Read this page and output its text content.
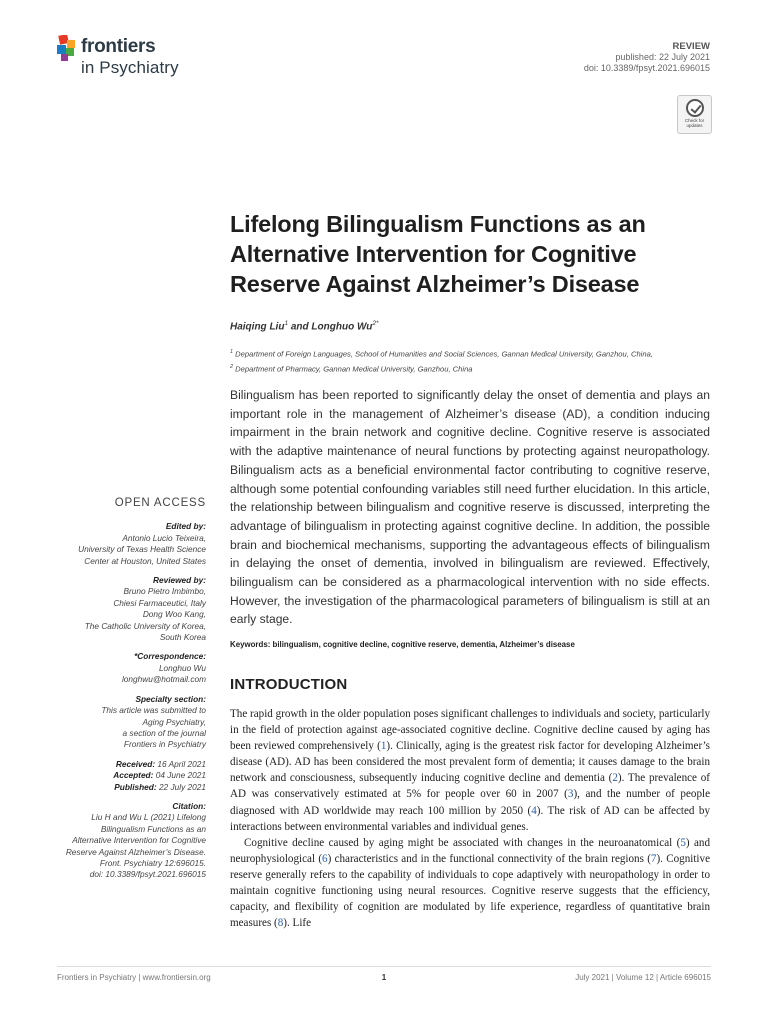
frontiers
in Psychiatry
REVIEW
published: 22 July 2021
doi: 10.3389/fpsyt.2021.696015
Check for updates
Lifelong Bilingualism Functions as an Alternative Intervention for Cognitive Reserve Against Alzheimer’s Disease
Haiqing Liu$^1$ and Longhuo $Wu^{2*}$
$^1$ Department of Foreign Languages, School of Humanities and Social Sciences, Gannan Medical University, Ganzhou, China,
$^2$ Department of Pharmacy, Gannan Medical University, Ganzhou, China
Bilingualism has been reported to significantly delay the onset of dementia and plays an important role in the management of Alzheimer’s disease (AD), a condition inducing impairment in the brain network and cognitive decline. Cognitive reserve is associated with the adaptive maintenance of neural functions by protecting against neuropathology. Bilingualism acts as a beneficial environmental factor contributing to cognitive reserve, although some potential confounding variables still need further elucidation. In this article, the relationship between bilingualism and cognitive reserve is discussed, interpreting the advantage of bilingualism in protecting against cognitive decline. In addition, the possible brain and biochemical mechanisms, supporting the advantageous effects of bilingualism in delaying the onset of dementia, involved in bilingualism are reviewed. Effectively, bilingualism can be considered as a pharmacological intervention with no side effects. However, the investigation of the pharmacological parameters of bilingualism is still at an early stage.
Keywords: bilingualism, cognitive decline, cognitive reserve, dementia, Alzheimer’s disease
INTRODUCTION

The rapid growth in the older population poses significant challenges to individuals and society, particularly in the field of protection against age-associated cognitive decline. Cognitive decline caused by aging has been reviewed comprehensively (1). Clinically, aging is the greatest risk factor for developing Alzheimer’s disease (AD). AD has been considered the most prevalent form of dementia; it causes damage to the brain network and consciousness, subsequently inducing cognitive decline and dementia (2). The prevalence of AD was conservatively estimated at 5% for people over 60 in 2007 (3), and the number of people diagnosed with AD worldwide may reach 100 million by 2050 (4). The risk of AD can be affected by interactions between environmental variables and individual genes.

Cognitive decline caused by aging might be associated with changes in the neuroanatomical (5) and neurophysiological (6) characteristics and in the functional connectivity of the brain regions (7). Cognitive reserve generally refers to the capability of individuals to cope adaptively with neuropathology in order to maintain cognitive functioning using neural resources. Cognitive reserve suggests that the efficiency, capacity, and flexibility of cognition are modulated by life experience, regardless of quantitative brain measures (8). Life

OPEN ACCESS
Edited by:
Antonio Lucio Teixeira,
University of Texas Health Science
Center at Houston, United States
Reviewed by:
Bruno Pietro Imbimbo,
Chiesi Farmaceutici, Italy
Dong Woo Kang,
The Catholic University of Korea,
South Korea
*Correspondence:
Longhuo Wu
longhwu@hotmail.com
Specialty section:
This article was submitted to
Aging Psychiatry,
a section of the journal
Frontiers in Psychiatry
Received: 16 April 2021
Accepted: 04 June 2021
Published: 22 July 2021
Citation:
Liu H and Wu L (2021) Lifelong
Bilingualism Functions as an
Alternative Intervention for Cognitive
Reserve Against Alzheimer’s Disease.
Front. Psychiatry 12:696015.
doi: 10.3389/fpsyt.2021.696015
Frontiers in Psychiatry | www.frontiersin.org	1	July 2021 | Volume 12 | Article 696015
